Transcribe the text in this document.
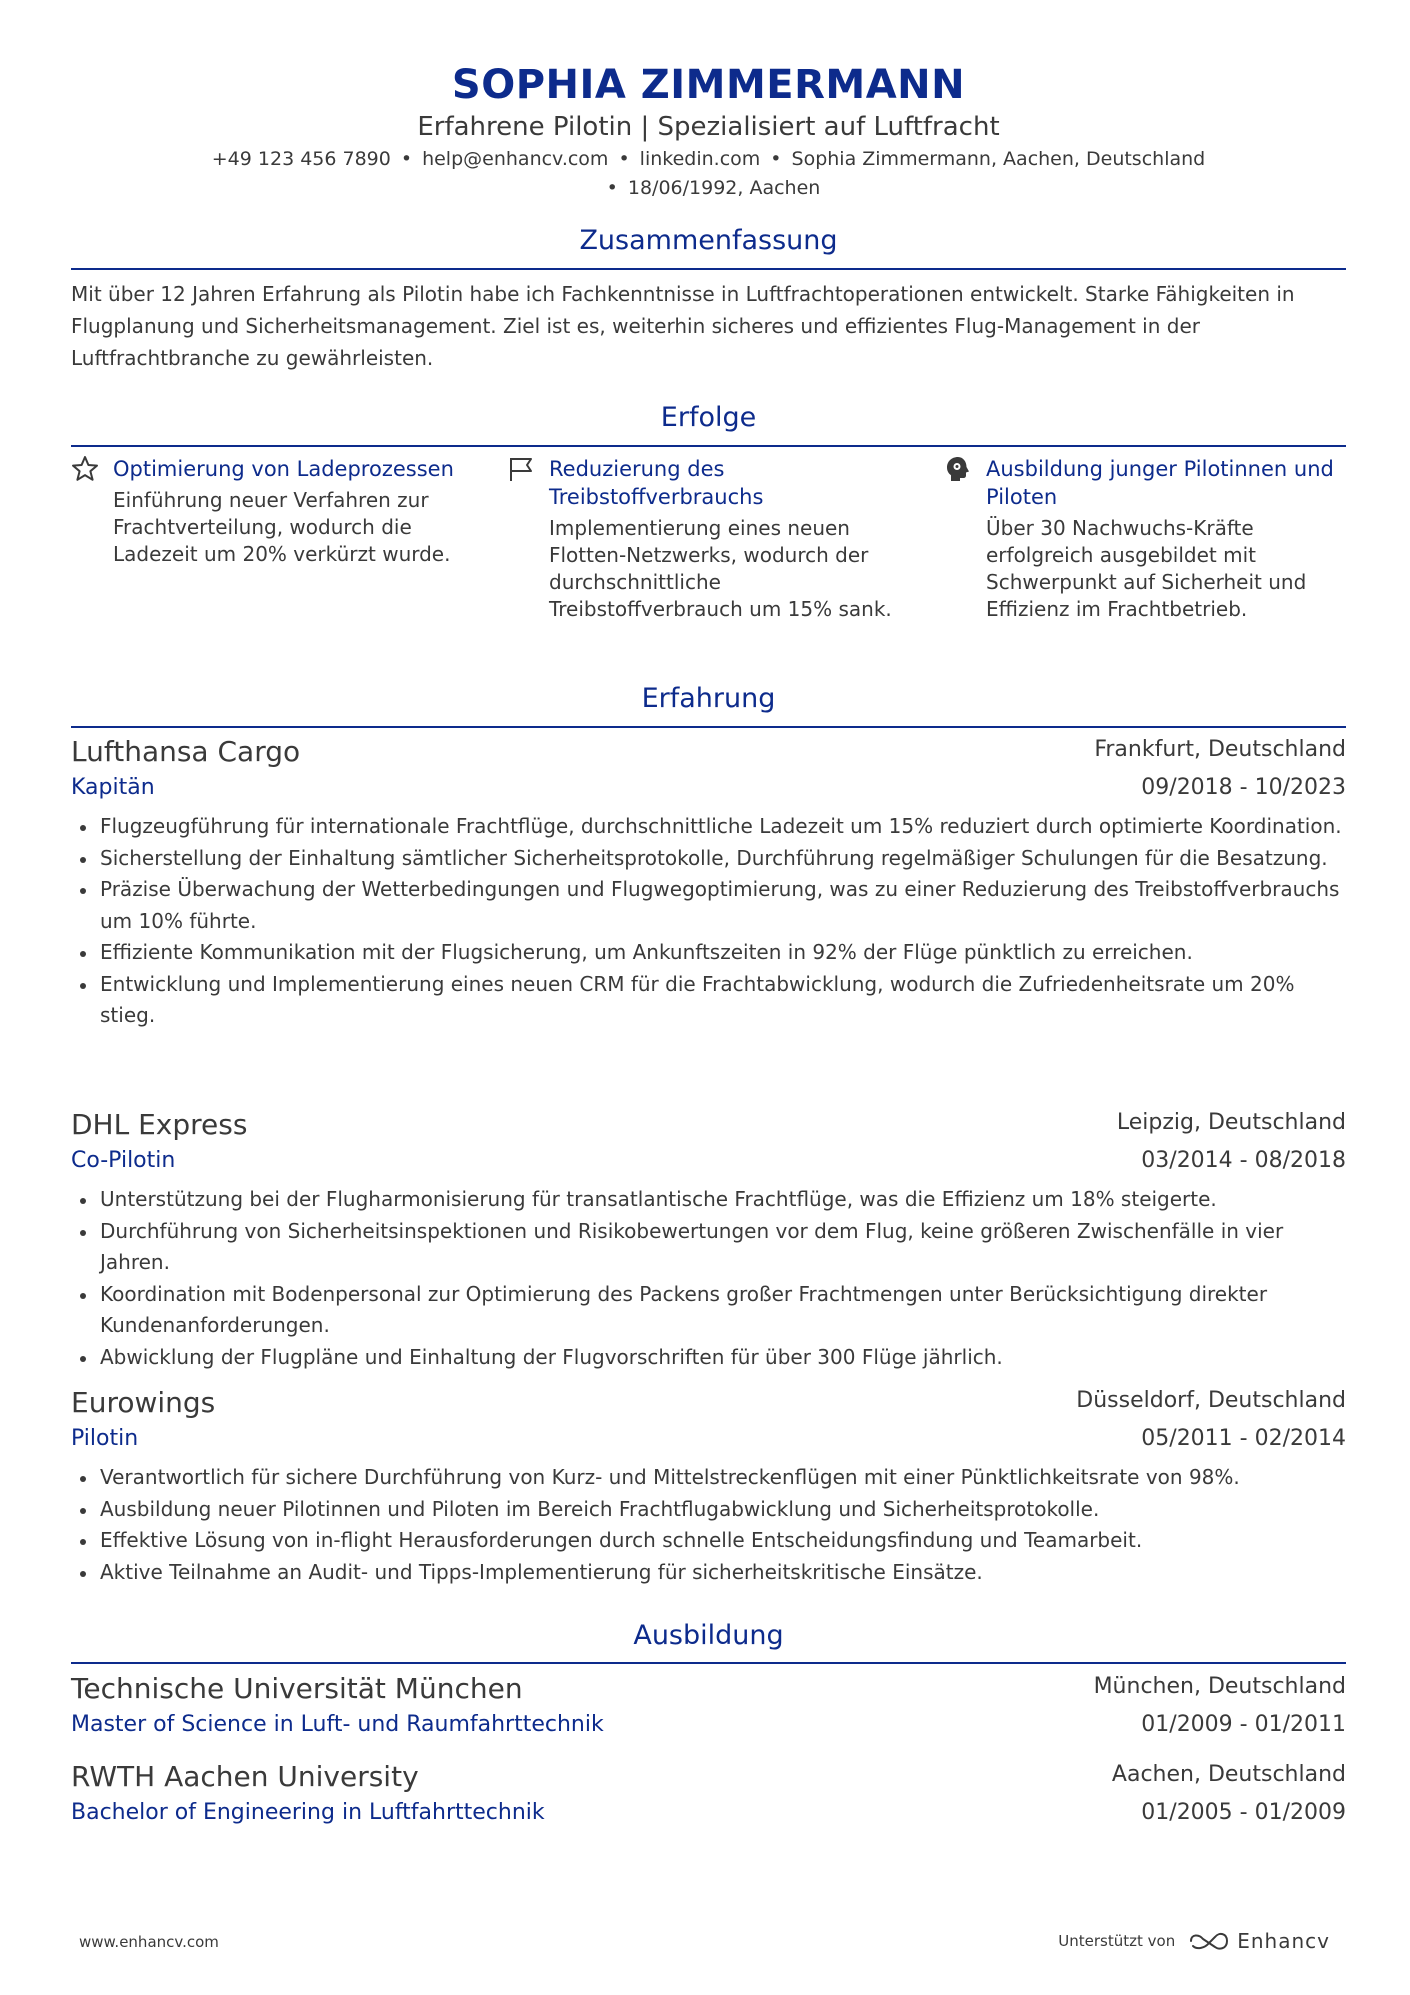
SOPHIA ZIMMERMANN
Erfahrene Pilotin | Spezialisiert auf Luftfracht
+49 123 456 7890 • help@enhancv.com • linkedin.com • Sophia Zimmermann, Aachen, Deutschland
• 18/06/1992, Aachen
Zusammenfassung
Mit über 12 Jahren Erfahrung als Pilotin habe ich Fachkenntnisse in Luftfrachtoperationen entwickelt. Starke Fähigkeiten in Flugplanung und Sicherheitsmanagement. Ziel ist es, weiterhin sicheres und effizientes Flug-Management in der Luftfrachtbranche zu gewährleisten.
Erfolge
Optimierung von Ladeprozessen
Einführung neuer Verfahren zur Frachtverteilung, wodurch die Ladezeit um 20% verkürzt wurde.
Reduzierung des Treibstoffverbrauchs
Implementierung eines neuen Flotten-Netzwerks, wodurch der durchschnittliche Treibstoffverbrauch um 15% sank.
Ausbildung junger Pilotinnen und Piloten
Über 30 Nachwuchs-Kräfte erfolgreich ausgebildet mit Schwerpunkt auf Sicherheit und Effizienz im Frachtbetrieb.
Erfahrung
Lufthansa Cargo	Frankfurt, Deutschland
Kapitän	09/2018 - 10/2023
Flugzeugführung für internationale Frachtflüge, durchschnittliche Ladezeit um 15% reduziert durch optimierte Koordination.
Sicherstellung der Einhaltung sämtlicher Sicherheitsprotokolle, Durchführung regelmäßiger Schulungen für die Besatzung.
Präzise Überwachung der Wetterbedingungen und Flugwegoptimierung, was zu einer Reduzierung des Treibstoffverbrauchs um 10% führte.
Effiziente Kommunikation mit der Flugsicherung, um Ankunftszeiten in 92% der Flüge pünktlich zu erreichen.
Entwicklung und Implementierung eines neuen CRM für die Frachtabwicklung, wodurch die Zufriedenheitsrate um 20% stieg.
DHL Express	Leipzig, Deutschland
Co-Pilotin	03/2014 - 08/2018
Unterstützung bei der Flugharmonisierung für transatlantische Frachtflüge, was die Effizienz um 18% steigerte.
Durchführung von Sicherheitsinspektionen und Risikobewertungen vor dem Flug, keine größeren Zwischenfälle in vier Jahren.
Koordination mit Bodenpersonal zur Optimierung des Packens großer Frachtmengen unter Berücksichtigung direkter Kundenanforderungen.
Abwicklung der Flugpläne und Einhaltung der Flugvorschriften für über 300 Flüge jährlich.
Eurowings	Düsseldorf, Deutschland
Pilotin	05/2011 - 02/2014
Verantwortlich für sichere Durchführung von Kurz- und Mittelstreckenflügen mit einer Pünktlichkeitsrate von 98%.
Ausbildung neuer Pilotinnen und Piloten im Bereich Frachtflugabwicklung und Sicherheitsprotokolle.
Effektive Lösung von in-flight Herausforderungen durch schnelle Entscheidungsfindung und Teamarbeit.
Aktive Teilnahme an Audit- und Tipps-Implementierung für sicherheitskritische Einsätze.
Ausbildung
Technische Universität München	München, Deutschland
Master of Science in Luft- und Raumfahrttechnik	01/2009 - 01/2011
RWTH Aachen University	Aachen, Deutschland
Bachelor of Engineering in Luftfahrttechnik	01/2005 - 01/2009
www.enhancv.com	Unterstützt von	Enhancv
